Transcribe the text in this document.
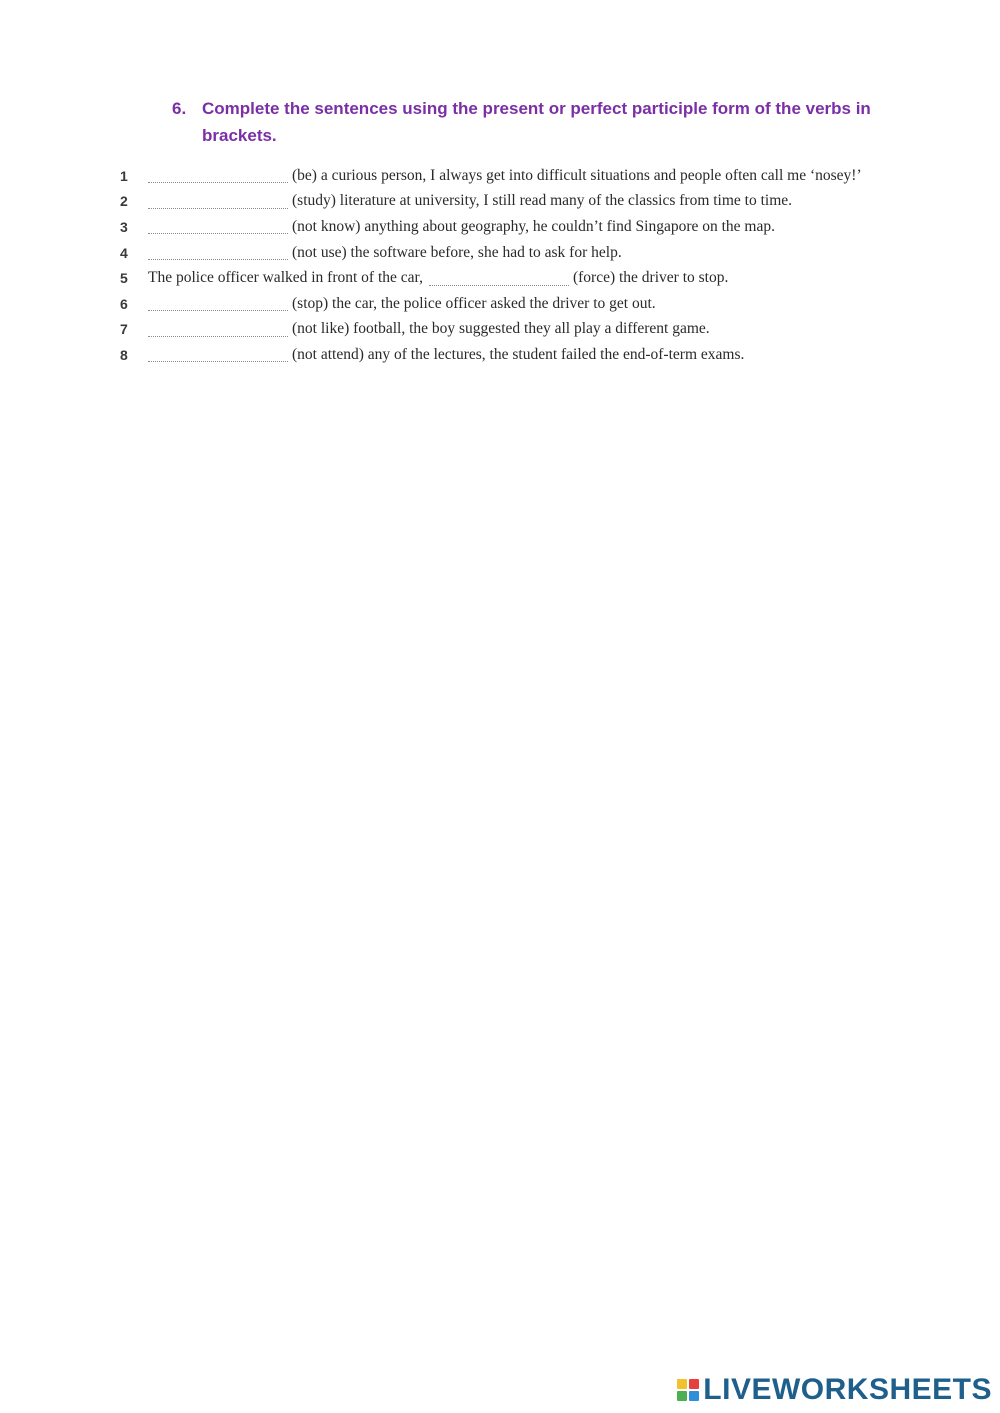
6. Complete the sentences using the present or perfect participle form of the verbs in brackets.
1	(be) a curious person, I always get into difficult situations and people often call me ‘nosey!’
2	(study) literature at university, I still read many of the classics from time to time.
3	(not know) anything about geography, he couldn’t find Singapore on the map.
4	(not use) the software before, she had to ask for help.
5	The police officer walked in front of the car,	(force) the driver to stop.
6	(stop) the car, the police officer asked the driver to get out.
7	(not like) football, the boy suggested they all play a different game.
8	(not attend) any of the lectures, the student failed the end-of-term exams.
LIVEWORKSHEETS
